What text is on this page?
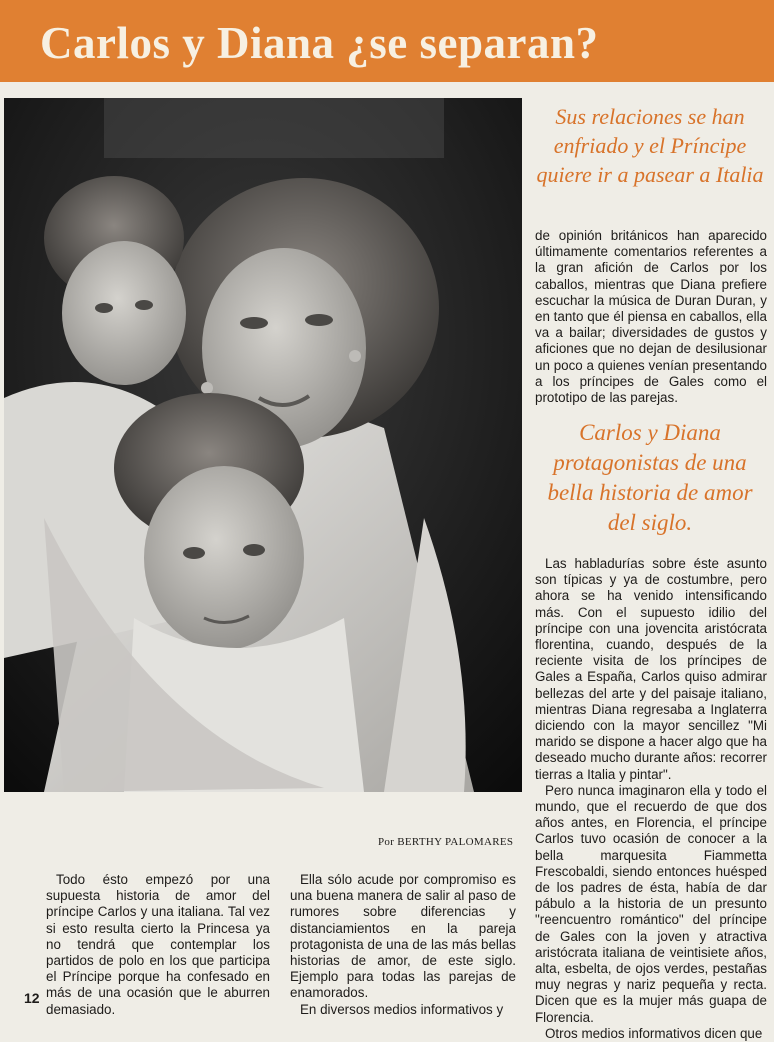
Carlos y Diana ¿se separan?

Sus relaciones se han enfriado y el Príncipe quiere ir a pasear a Italia

de opinión británicos han aparecido últimamente comentarios referentes a la gran afición de Carlos por los caballos, mientras que Diana prefiere escuchar la música de Duran Duran, y en tanto que él piensa en caballos, ella va a bailar; diversidades de gustos y aficiones que no dejan de desilusionar un poco a quienes venían presentando a los príncipes de Gales como el prototipo de las parejas.

Carlos y Diana protagonistas de una bella historia de amor del siglo.

Las habladurías sobre éste asunto son típicas y ya de costumbre, pero ahora se ha venido intensificando más. Con el supuesto idilio del príncipe con una jovencita aristócrata florentina, cuando, después de la reciente visita de los príncipes de Gales a España, Carlos quiso admirar bellezas del arte y del paisaje italiano, mientras Diana regresaba a Inglaterra diciendo con la mayor sencillez "Mi marido se dispone a hacer algo que ha deseado mucho durante años: recorrer tierras a Italia y pintar".

Pero nunca imaginaron ella y todo el mundo, que el recuerdo de que dos años antes, en Florencia, el príncipe Carlos tuvo ocasión de conocer a la bella marquesita Fiammetta Frescobaldi, siendo entonces huésped de los padres de ésta, había de dar pábulo a la historia de un presunto "reencuentro romántico" del príncipe de Gales con la joven y atractiva aristócrata italiana de veintisiete años, alta, esbelta, de ojos verdes, pestañas muy negras y nariz pequeña y recta. Dicen que es la mujer más guapa de Florencia.

Otros medios informativos dicen que

Por BERTHY PALOMARES

Todo ésto empezó por una supuesta historia de amor del príncipe Carlos y una italiana. Tal vez si esto resulta cierto la Princesa ya no tendrá que contemplar los partidos de polo en los que participa el Príncipe porque ha confesado en más de una ocasión que le aburren demasiado.

Ella sólo acude por compromiso es una buena manera de salir al paso de rumores sobre diferencias y distanciamientos en la pareja protagonista de una de las más bellas historias de amor, de este siglo. Ejemplo para todas las parejas de enamorados.

En diversos medios informativos y

12
